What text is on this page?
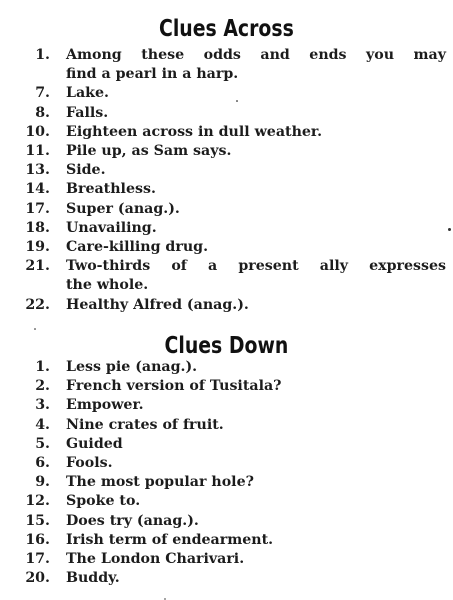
Clues Across
1. Among these odds and ends you may
find a pearl in a harp.
7. Lake.
8. Falls.
10. Eighteen across in dull weather.
11. Pile up, as Sam says.
13. Side.
14. Breathless.
17. Super (anag.).
18. Unavailing.
19. Care-killing drug.
21. Two-thirds of a present ally expresses
the whole.
22. Healthy Alfred (anag.).
Clues Down
1. Less pie (anag.).
2. French version of Tusitala?
3. Empower.
4. Nine crates of fruit.
5. Guided
6. Fools.
9. The most popular hole?
12. Spoke to.
15. Does try (anag.).
16. Irish term of endearment.
17. The London Charivari.
20. Buddy.
